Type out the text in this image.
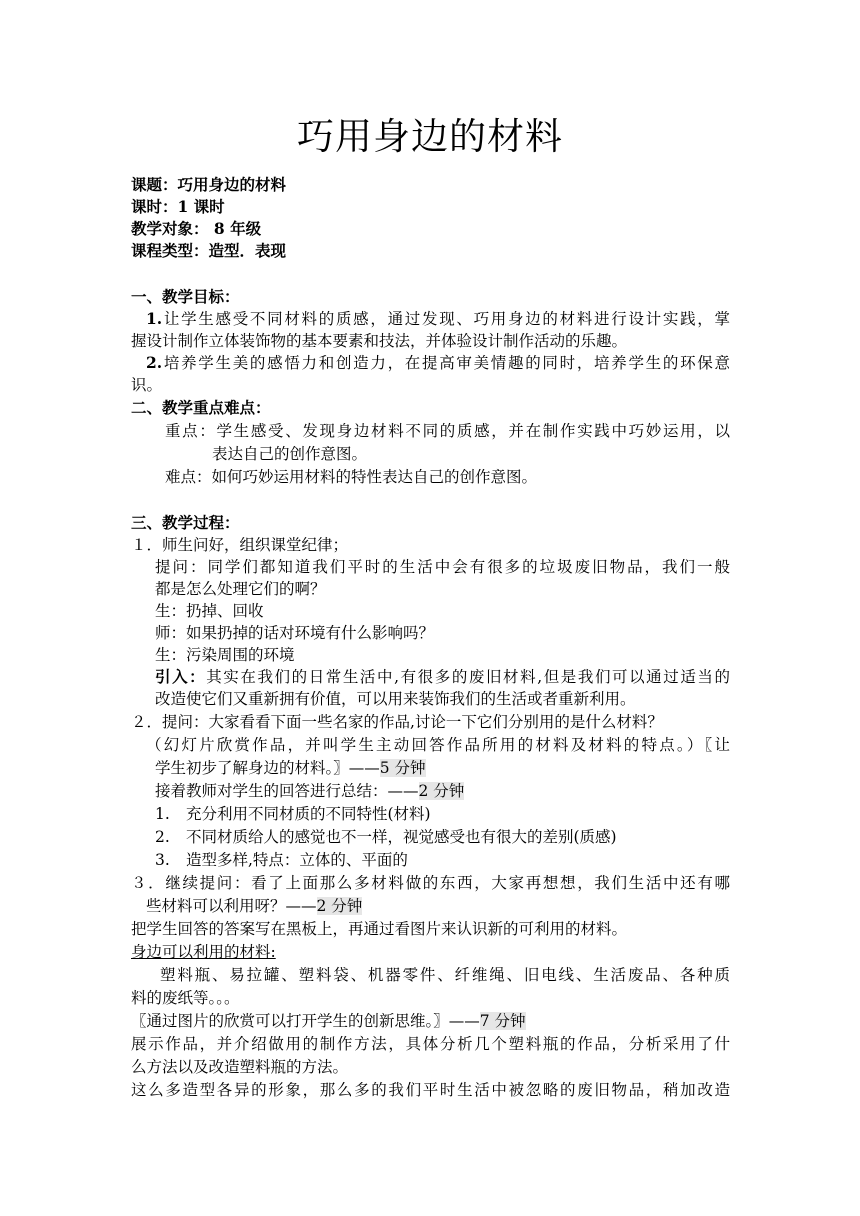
巧用身边的材料
课题：巧用身边的材料
课时：1 课时
教学对象： 8 年级
课程类型：造型．表现
一、教学目标：
1.让学生感受不同材料的质感，通过发现、巧用身边的材料进行设计实践，掌
握设计制作立体装饰物的基本要素和技法，并体验设计制作活动的乐趣。
2.培养学生美的感悟力和创造力，在提高审美情趣的同时，培养学生的环保意
识。
二、教学重点难点：
重点：学生感受、发现身边材料不同的质感，并在制作实践中巧妙运用，以
表达自己的创作意图。
难点：如何巧妙运用材料的特性表达自己的创作意图。
三、教学过程：
１．师生问好，组织课堂纪律；
提问：同学们都知道我们平时的生活中会有很多的垃圾废旧物品，我们一般
都是怎么处理它们的啊？
生：扔掉、回收
师：如果扔掉的话对环境有什么影响吗？
生：污染周围的环境
引入：其实在我们的日常生活中,有很多的废旧材料,但是我们可以通过适当的
改造使它们又重新拥有价值，可以用来装饰我们的生活或者重新利用。
２．提问：大家看看下面一些名家的作品,讨论一下它们分别用的是什么材料？
（幻灯片欣赏作品，并叫学生主动回答作品所用的材料及材料的特点。）〖让
学生初步了解身边的材料。〗——5 分钟
接着教师对学生的回答进行总结：——2 分钟
1. 充分利用不同材质的不同特性(材料)
2. 不同材质给人的感觉也不一样，视觉感受也有很大的差别(质感)
3. 造型多样,特点：立体的、平面的
３．继续提问：看了上面那么多材料做的东西，大家再想想，我们生活中还有哪
些材料可以利用呀？——2 分钟
把学生回答的答案写在黑板上，再通过看图片来认识新的可利用的材料。
身边可以利用的材料:
塑料瓶、易拉罐、塑料袋、机器零件、纤维绳、旧电线、生活废品、各种质
料的废纸等。。。
〖通过图片的欣赏可以打开学生的创新思维。〗——7 分钟
展示作品，并介绍做用的制作方法，具体分析几个塑料瓶的作品，分析采用了什
么方法以及改造塑料瓶的方法。
这么多造型各异的形象，那么多的我们平时生活中被忽略的废旧物品，稍加改造
